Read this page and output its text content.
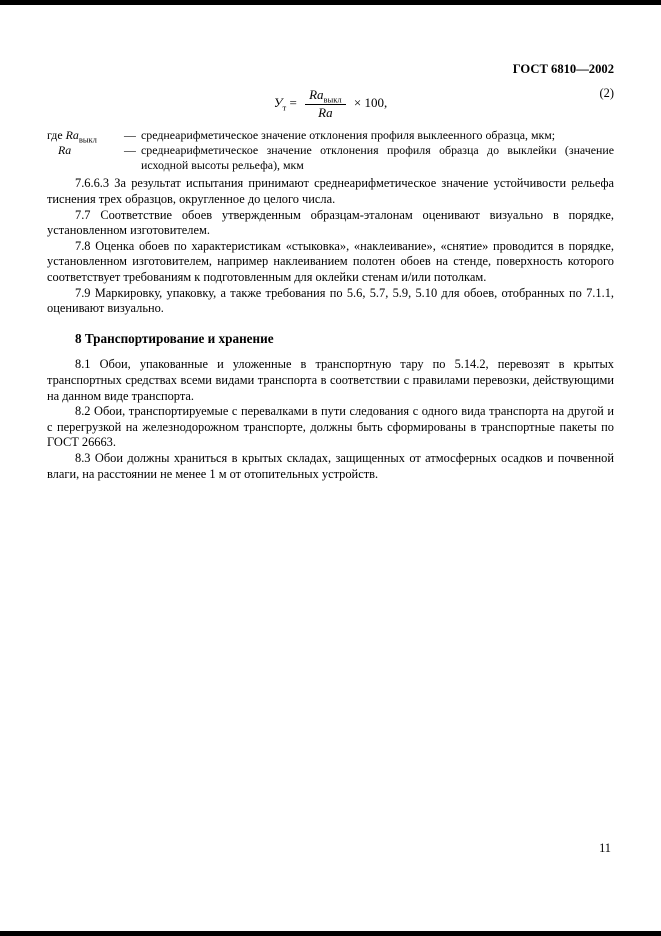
ГОСТ 6810—2002
$У_т = \frac{Ra_{выкл}}{Ra} \times 100$,
(2)
где $Ra_{выкл}$	— среднеарифметическое значение отклонения профиля выклеенного образца, мкм;
Ra	— среднеарифметическое значение отклонения профиля образца до выклейки (значение исходной высоты рельефа), мкм

7.6.6.3 За результат испытания принимают среднеарифметическое значение устойчивости рельефа тиснения трех образцов, округленное до целого числа.

7.7 Соответствие обоев утвержденным образцам-эталонам оценивают визуально в порядке, установленном изготовителем.

7.8 Оценка обоев по характеристикам «стыковка», «наклеивание», «снятие» проводится в порядке, установленном изготовителем, например наклеиванием полотен обоев на стенде, поверхность которого соответствует требованиям к подготовленным для оклейки стенам и/или потолкам.

7.9 Маркировку, упаковку, а также требования по 5.6, 5.7, 5.9, 5.10 для обоев, отобранных по 7.1.1, оценивают визуально.

8 Транспортирование и хранение

8.1 Обои, упакованные и уложенные в транспортную тару по 5.14.2, перевозят в крытых транспортных средствах всеми видами транспорта в соответствии с правилами перевозки, действующими на данном виде транспорта.

8.2 Обои, транспортируемые с перевалками в пути следования с одного вида транспорта на другой и с перегрузкой на железнодорожном транспорте, должны быть сформированы в транспортные пакеты по ГОСТ 26663.

8.3 Обои должны храниться в крытых складах, защищенных от атмосферных осадков и почвенной влаги, на расстоянии не менее 1 м от отопительных устройств.

11
